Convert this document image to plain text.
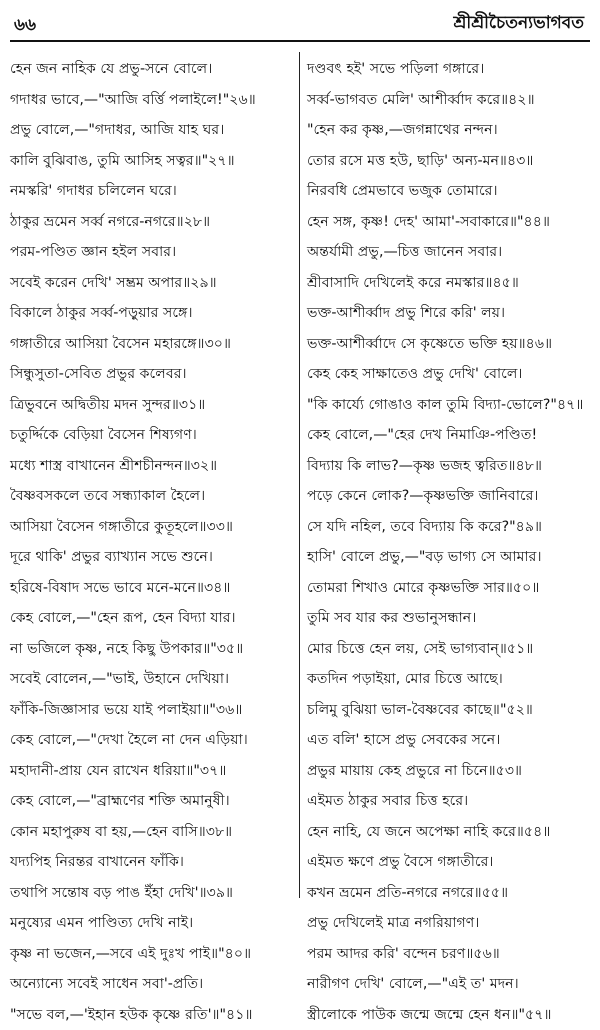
৬৬	শ্রীশ্রীচৈতন্যভাগবত
হেন জন নাহিক যে প্রভু-সনে বোলে।
গদাধর ভাবে,—"আজি বর্ত্তি পলাইলে!"২৬॥
প্রভু বোলে,—"গদাধর, আজি যাহ ঘর।
কালি বুঝিবাঙ, তুমি আসিহ সত্বর॥"২৭॥
নমস্করি' গদাধর চলিলেন ঘরে।
ঠাকুর ভ্রমেন সর্ব্ব নগরে-নগরে॥২৮॥
পরম-পণ্ডিত জ্ঞান হইল সবার।
সবেই করেন দেখি' সম্ভ্রম অপার॥২৯॥
বিকালে ঠাকুর সর্ব্ব-পড়ুয়ার সঙ্গে।
গঙ্গাতীরে আসিয়া বৈসেন মহারঙ্গে॥৩০॥
সিন্ধুসুতা-সেবিত প্রভুর কলেবর।
ত্রিভুবনে অদ্বিতীয় মদন সুন্দর॥৩১॥
চতুর্দ্দিকে বেড়িয়া বৈসেন শিষ্যগণ।
মধ্যে শাস্ত্র বাখানেন শ্রীশচীনন্দন॥৩২॥
বৈষ্ণবসকলে তবে সন্ধ্যাকাল হৈলে।
আসিয়া বৈসেন গঙ্গাতীরে কুতূহলে॥৩৩॥
দূরে থাকি' প্রভুর ব্যাখ্যান সভে শুনে।
হরিষে-বিষাদ সভে ভাবে মনে-মনে॥৩৪॥
কেহ বোলে,—"হেন রূপ, হেন বিদ্যা যার।
না ভজিলে কৃষ্ণ, নহে কিছু উপকার॥"৩৫॥
সবেই বোলেন,—"ভাই, উহানে দেখিয়া।
ফাঁকি-জিজ্ঞাসার ভয়ে যাই পলাইয়া॥"৩৬॥
কেহ বোলে,—"দেখা হৈলে না দেন এড়িয়া।
মহাদানী-প্রায় যেন রাখেন ধরিয়া॥"৩৭॥
কেহ বোলে,—"ব্রাহ্মণের শক্তি অমানুষী।
কোন মহাপুরুষ বা হয়,—হেন বাসি॥৩৮॥
যদ্যপিহ নিরন্তর বাখানেন ফাঁকি।
তথাপি সন্তোষ বড় পাঙ ইঁহা দেখি'॥৩৯॥
মনুষ্যের এমন পাণ্ডিত্য দেখি নাই।
কৃষ্ণ না ভজেন,—সবে এই দুঃখ পাই॥"৪০॥
অন্যোন্যে সবেই সাধেন সবা'-প্রতি।
"সভে বল,—'ইহান হউক কৃষ্ণে রতি'॥"৪১॥
দণ্ডবৎ হই' সভে পড়িলা গঙ্গারে।
সর্ব্ব-ভাগবত মেলি' আশীর্ব্বাদ করে॥৪২॥
"হেন কর কৃষ্ণ,—জগন্নাথের নন্দন।
তোর রসে মত্ত হউ, ছাড়ি' অন্য-মন॥৪৩॥
নিরবধি প্রেমভাবে ভজুক তোমারে।
হেন সঙ্গ, কৃষ্ণ! দেহ' আমা'-সবাকারে॥"৪৪॥
অন্তর্যামী প্রভু,—চিত্ত জানেন সবার।
শ্রীবাসাদি দেখিলেই করে নমস্কার॥৪৫॥
ভক্ত-আশীর্ব্বাদ প্রভু শিরে করি' লয়।
ভক্ত-আশীর্ব্বাদে সে কৃষ্ণেতে ভক্তি হয়॥৪৬॥
কেহ কেহ সাক্ষাতেও প্রভু দেখি' বোলে।
"কি কার্য্যে গোঙাও কাল তুমি বিদ্যা-ভোলে?"৪৭॥
কেহ বোলে,—"হের দেখ নিমাঞি-পণ্ডিত!
বিদ্যায় কি লাভ?—কৃষ্ণ ভজহ ত্বরিত॥৪৮॥
পড়ে কেনে লোক?—কৃষ্ণভক্তি জানিবারে।
সে যদি নহিল, তবে বিদ্যায় কি করে?"৪৯॥
হাসি' বোলে প্রভু,—"বড় ভাগ্য সে আমার।
তোমরা শিখাও মোরে কৃষ্ণভক্তি সার॥৫০॥
তুমি সব যার কর শুভানুসন্ধান।
মোর চিত্তে হেন লয়, সেই ভাগ্যবান্॥৫১॥
কতদিন পড়াইয়া, মোর চিত্তে আছে।
চলিমু বুঝিয়া ভাল-বৈষ্ণবের কাছে॥"৫২॥
এত বলি' হাসে প্রভু সেবকের সনে।
প্রভুর মায়ায় কেহ প্রভুরে না চিনে॥৫৩॥
এইমত ঠাকুর সবার চিত্ত হরে।
হেন নাহি, যে জনে অপেক্ষা নাহি করে॥৫৪॥
এইমত ক্ষণে প্রভু বৈসে গঙ্গাতীরে।
কখন ভ্রমেন প্রতি-নগরে নগরে॥৫৫॥
প্রভু দেখিলেই মাত্র নগরিয়াগণ।
পরম আদর করি' বন্দেন চরণ॥৫৬॥
নারীগণ দেখি' বোলে,—"এই ত' মদন।
স্ত্রীলোকে পাউক জন্মে জন্মে হেন ধন॥"৫৭॥
